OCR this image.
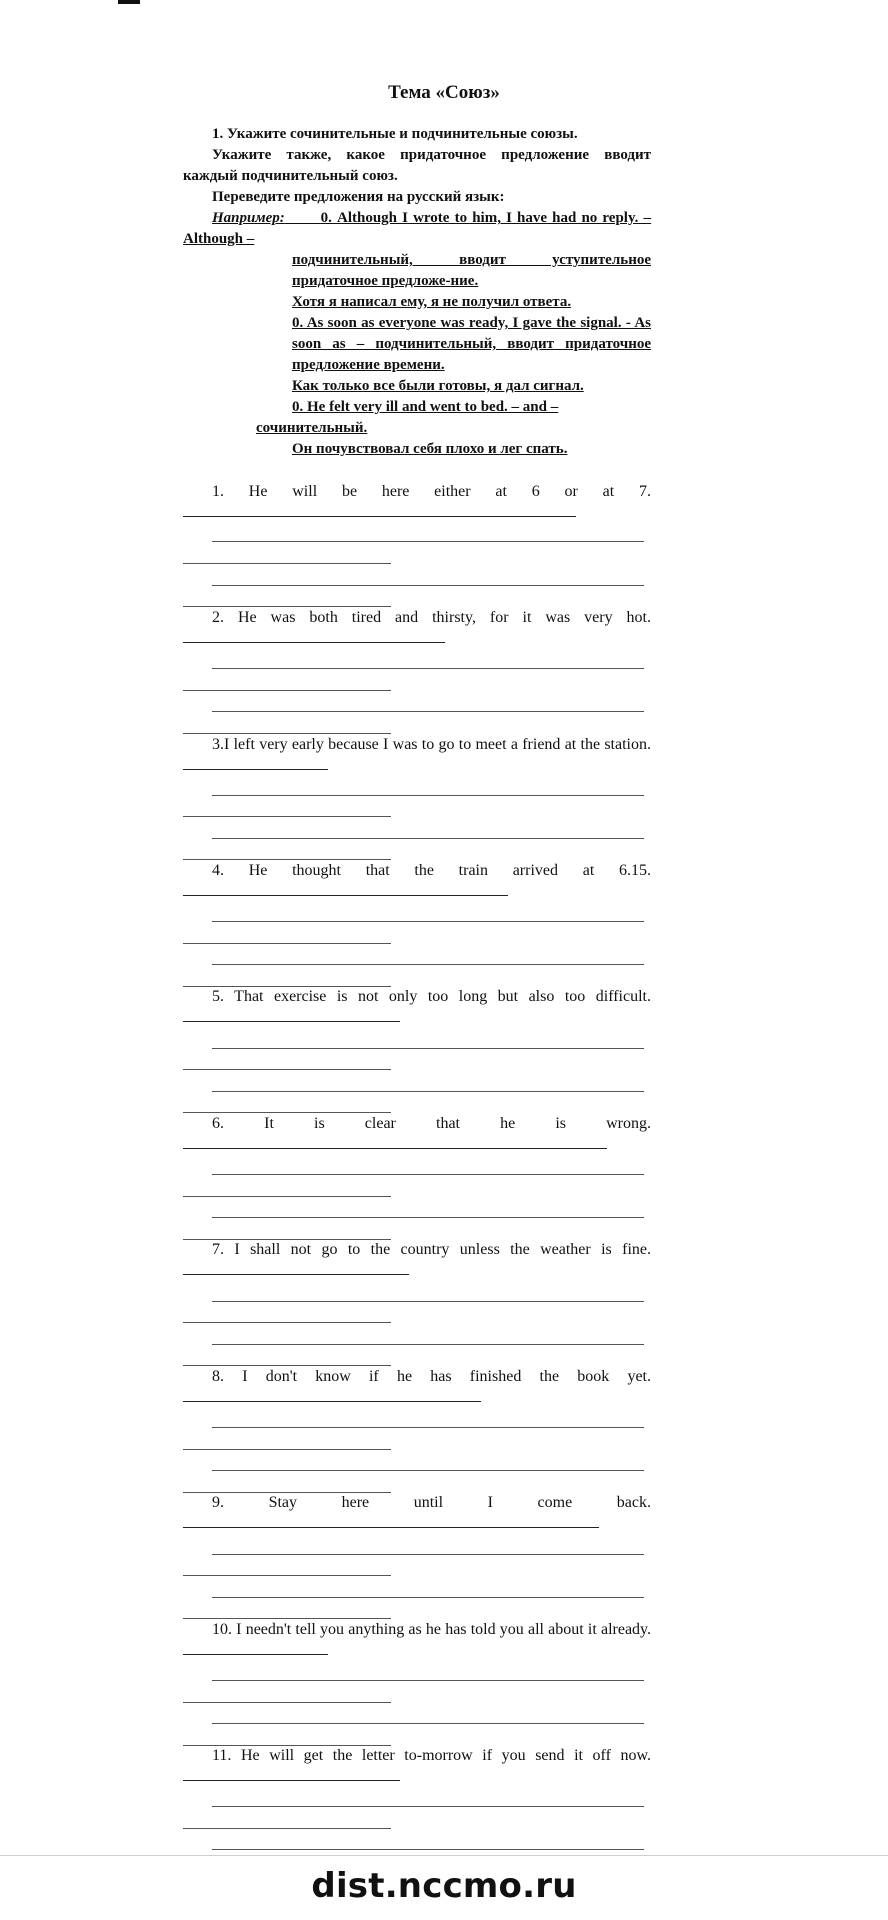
Тема «Союз»

1. Укажите сочинительные и подчинительные союзы.

Укажите также, какое придаточное предложение вводит каждый подчинительный союз.

Переведите предложения на русский язык:

Например: 0. Although I wrote to him, I have had no reply. – Although –

подчинительный, вводит уступительное придаточное предложе-ние.

Хотя я написал ему, я не получил ответа.

0. As soon as everyone was ready, I gave the signal. - As soon as – подчинительный, вводит придаточное предложение времени.

Как только все были готовы, я дал сигнал.

0. He felt very ill and went to bed. – and –

сочинительный.

Он почувствовал себя плохо и лег спать.

1. He will be here either at 6 or at 7.

2. He was both tired and thirsty, for it was very hot.

3.I left very early because I was to go to meet a friend at the station.

4. He thought that the train arrived at 6.15.

5. That exercise is not only too long but also too difficult.

6. It is clear that he is wrong.

7. I shall not go to the country unless the weather is fine.

8. I don't know if he has finished the book yet.

9. Stay here until I come back.

10. I needn't tell you anything as he has told you all about it already.

11. He will get the letter to-morrow if you send it off now.

dist.nccmo.ru
